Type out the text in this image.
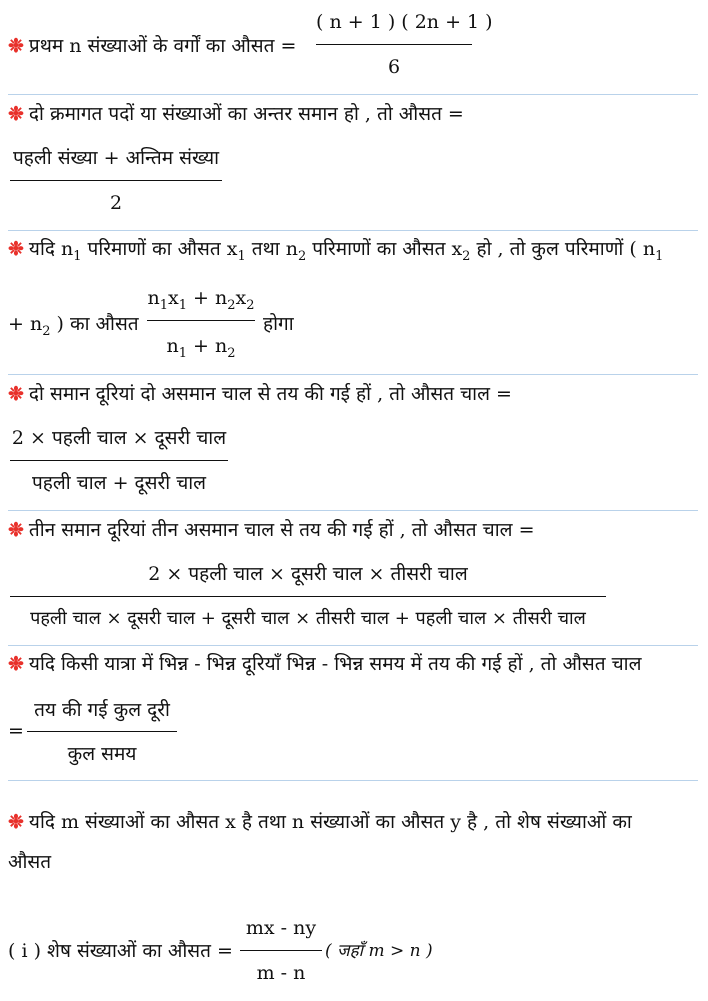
❉ प्रथम n संख्याओं के वर्गों का औसत =
( n + 1 ) ( 2n + 1 )
6
❉ दो क्रमागत पदों या संख्याओं का अन्तर समान हो , तो औसत =
पहली संख्या + अन्तिम संख्या
2
❉ यदि $n_1$ परिमाणों का औसत $x_1$ तथा $n_2$ परिमाणों का औसत $x_2$ हो , तो कुल परिमाणों ( $n_1$
+ $n_2$ ) का औसत
$n_1x_1 + n_2x_2$
$n_1 + n_2$
होगा
❉ दो समान दूरियां दो असमान चाल से तय की गई हों , तो औसत चाल =
2 × पहली चाल × दूसरी चाल
पहली चाल + दूसरी चाल
❉ तीन समान दूरियां तीन असमान चाल से तय की गई हों , तो औसत चाल =
2 × पहली चाल × दूसरी चाल × तीसरी चाल
पहली चाल × दूसरी चाल + दूसरी चाल × तीसरी चाल + पहली चाल × तीसरी चाल
❉ यदि किसी यात्रा में भिन्न - भिन्न दूरियाँ भिन्न - भिन्न समय में तय की गई हों , तो औसत चाल
=
तय की गई कुल दूरी
कुल समय
❉ यदि m संख्याओं का औसत x है तथा n संख्याओं का औसत y है , तो शेष संख्याओं का
औसत
( i ) शेष संख्याओं का औसत =
mx - ny
m - n
( जहाँ m > n )
